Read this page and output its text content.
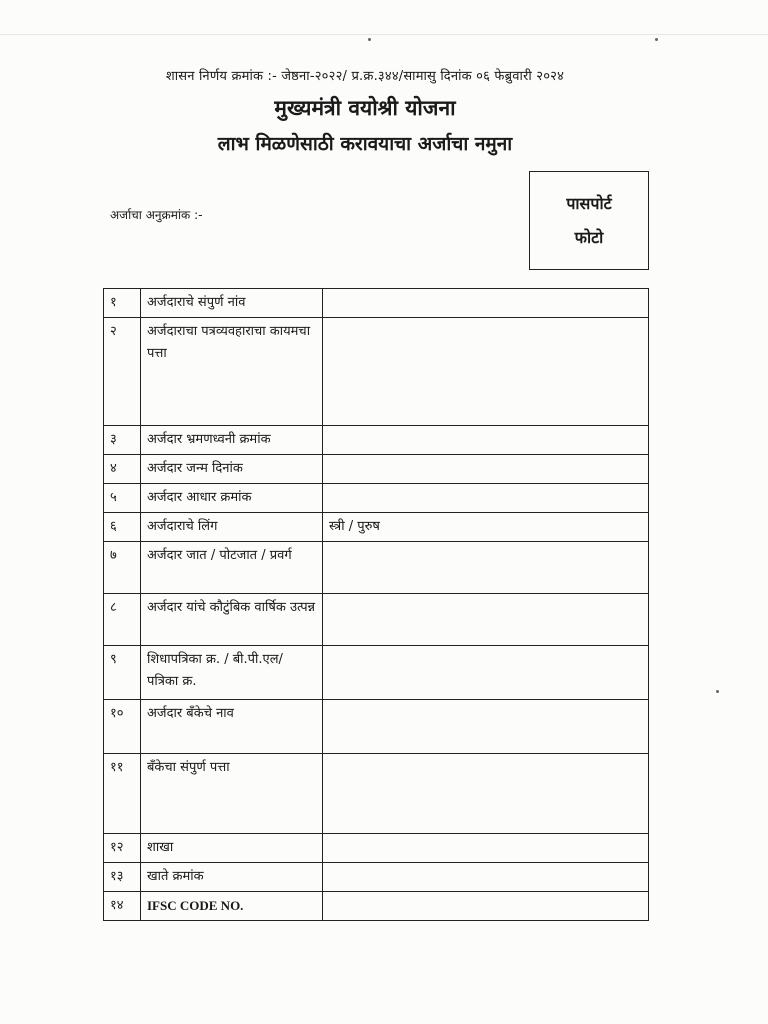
शासन निर्णय क्रमांक :- जेष्ठना-२०२२/ प्र.क्र.३४४/सामासु दिनांक ०६ फेब्रुवारी २०२४
मुख्यमंत्री वयोश्री योजना
लाभ मिळणेसाठी करावयाचा अर्जाचा नमुना
अर्जाचा अनुक्रमांक :-
पासपोर्ट
फोटो
१	अर्जदाराचे संपुर्ण नांव	
२	अर्जदाराचा पत्रव्यवहाराचा कायमचा पत्ता	
३	अर्जदार भ्रमणध्वनी क्रमांक	
४	अर्जदार जन्म दिनांक	
५	अर्जदार आधार क्रमांक	
६	अर्जदाराचे लिंग	स्त्री / पुरुष
७	अर्जदार जात / पोटजात / प्रवर्ग	
८	अर्जदार यांचे कौटुंबिक वार्षिक उत्पन्न	
९	शिधापत्रिका क्र. / बी.पी.एल/ पत्रिका क्र.	
१०	अर्जदार बँकेचे नाव	
११	बँकेचा संपुर्ण पत्ता	
१२	शाखा	
१३	खाते क्रमांक	
१४	IFSC CODE NO.	
